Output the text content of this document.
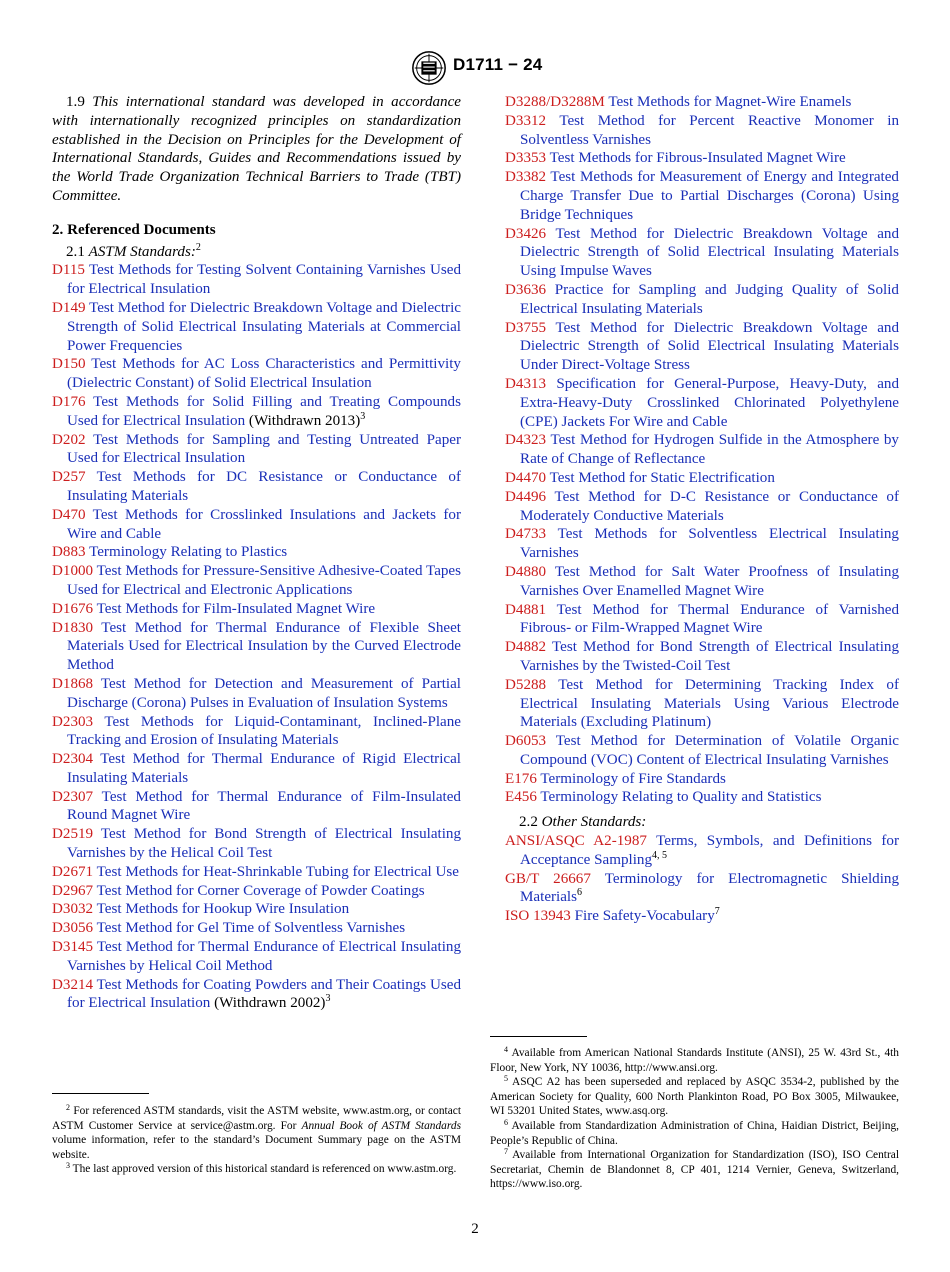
D1711 − 24

1.9 This international standard was developed in accordance with internationally recognized principles on standardization established in the Decision on Principles for the Development of International Standards, Guides and Recommendations issued by the World Trade Organization Technical Barriers to Trade (TBT) Committee.

2. Referenced Documents

2.1 ASTM Standards:$^2$

D115 Test Methods for Testing Solvent Containing Varnishes Used for Electrical Insulation

D149 Test Method for Dielectric Breakdown Voltage and Dielectric Strength of Solid Electrical Insulating Materials at Commercial Power Frequencies

D150 Test Methods for AC Loss Characteristics and Permittivity (Dielectric Constant) of Solid Electrical Insulation

D176 Test Methods for Solid Filling and Treating Compounds Used for Electrical Insulation (Withdrawn 2013)$^3$

D202 Test Methods for Sampling and Testing Untreated Paper Used for Electrical Insulation

D257 Test Methods for DC Resistance or Conductance of Insulating Materials

D470 Test Methods for Crosslinked Insulations and Jackets for Wire and Cable

D883 Terminology Relating to Plastics

D1000 Test Methods for Pressure-Sensitive Adhesive-Coated Tapes Used for Electrical and Electronic Applications

D1676 Test Methods for Film-Insulated Magnet Wire

D1830 Test Method for Thermal Endurance of Flexible Sheet Materials Used for Electrical Insulation by the Curved Electrode Method

D1868 Test Method for Detection and Measurement of Partial Discharge (Corona) Pulses in Evaluation of Insulation Systems

D2303 Test Methods for Liquid-Contaminant, Inclined-Plane Tracking and Erosion of Insulating Materials

D2304 Test Method for Thermal Endurance of Rigid Electrical Insulating Materials

D2307 Test Method for Thermal Endurance of Film-Insulated Round Magnet Wire

D2519 Test Method for Bond Strength of Electrical Insulating Varnishes by the Helical Coil Test

D2671 Test Methods for Heat-Shrinkable Tubing for Electrical Use

D2967 Test Method for Corner Coverage of Powder Coatings

D3032 Test Methods for Hookup Wire Insulation

D3056 Test Method for Gel Time of Solventless Varnishes

D3145 Test Method for Thermal Endurance of Electrical Insulating Varnishes by Helical Coil Method

D3214 Test Methods for Coating Powders and Their Coatings Used for Electrical Insulation (Withdrawn 2002)$^3$

D3288/D3288M Test Methods for Magnet-Wire Enamels

D3312 Test Method for Percent Reactive Monomer in Solventless Varnishes

D3353 Test Methods for Fibrous-Insulated Magnet Wire

D3382 Test Methods for Measurement of Energy and Integrated Charge Transfer Due to Partial Discharges (Corona) Using Bridge Techniques

D3426 Test Method for Dielectric Breakdown Voltage and Dielectric Strength of Solid Electrical Insulating Materials Using Impulse Waves

D3636 Practice for Sampling and Judging Quality of Solid Electrical Insulating Materials

D3755 Test Method for Dielectric Breakdown Voltage and Dielectric Strength of Solid Electrical Insulating Materials Under Direct-Voltage Stress

D4313 Specification for General-Purpose, Heavy-Duty, and Extra-Heavy-Duty Crosslinked Chlorinated Polyethylene (CPE) Jackets For Wire and Cable

D4323 Test Method for Hydrogen Sulfide in the Atmosphere by Rate of Change of Reflectance

D4470 Test Method for Static Electrification

D4496 Test Method for D-C Resistance or Conductance of Moderately Conductive Materials

D4733 Test Methods for Solventless Electrical Insulating Varnishes

D4880 Test Method for Salt Water Proofness of Insulating Varnishes Over Enamelled Magnet Wire

D4881 Test Method for Thermal Endurance of Varnished Fibrous- or Film-Wrapped Magnet Wire

D4882 Test Method for Bond Strength of Electrical Insulating Varnishes by the Twisted-Coil Test

D5288 Test Method for Determining Tracking Index of Electrical Insulating Materials Using Various Electrode Materials (Excluding Platinum)

D6053 Test Method for Determination of Volatile Organic Compound (VOC) Content of Electrical Insulating Varnishes

E176 Terminology of Fire Standards

E456 Terminology Relating to Quality and Statistics

2.2 Other Standards:

ANSI/ASQC A2-1987 Terms, Symbols, and Definitions for Acceptance Sampling$^{4, 5}$

GB/T 26667 Terminology for Electromagnetic Shielding Materials$^6$

ISO 13943 Fire Safety-Vocabulary$^7$

$^2$ For referenced ASTM standards, visit the ASTM website, www.astm.org, or contact ASTM Customer Service at service@astm.org. For Annual Book of ASTM Standards volume information, refer to the standard’s Document Summary page on the ASTM website.

$^3$ The last approved version of this historical standard is referenced on www.astm.org.

$^4$ Available from American National Standards Institute (ANSI), 25 W. 43rd St., 4th Floor, New York, NY 10036, http://www.ansi.org.

$^5$ ASQC A2 has been superseded and replaced by ASQC 3534-2, published by the American Society for Quality, 600 North Plankinton Road, PO Box 3005, Milwaukee, WI 53201 United States, www.asq.org.

$^6$ Available from Standardization Administration of China, Haidian District, Beijing, People’s Republic of China.

$^7$ Available from International Organization for Standardization (ISO), ISO Central Secretariat, Chemin de Blandonnet 8, CP 401, 1214 Vernier, Geneva, Switzerland, https://www.iso.org.

2
